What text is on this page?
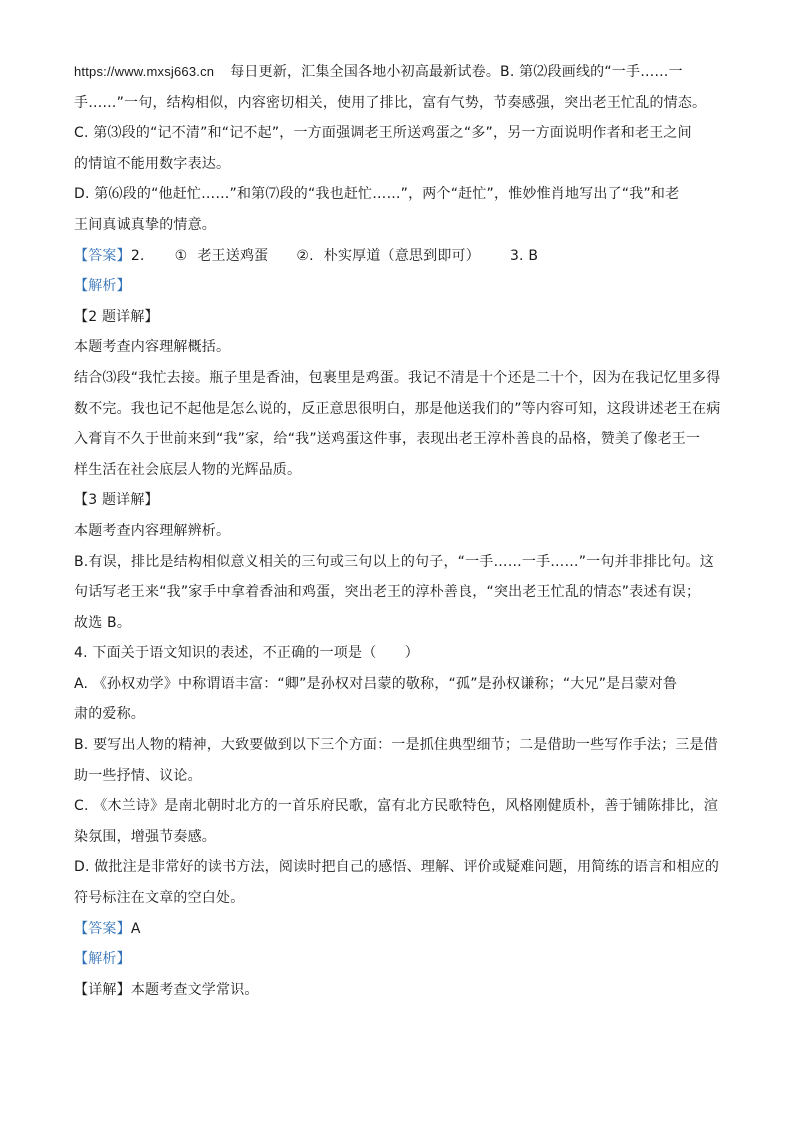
https://www.mxsj663.cn 每日更新，汇集全国各地小初高最新试卷。B. 第⑵段画线的“一手……一
手……”一句，结构相似，内容密切相关，使用了排比，富有气势，节奏感强，突出老王忙乱的情态。
C. 第⑶段的“记不清”和“记不起”，一方面强调老王所送鸡蛋之“多”，另一方面说明作者和老王之间
的情谊不能用数字表达。
D. 第⑹段的“他赶忙……”和第⑺段的“我也赶忙……”，两个“赶忙”，惟妙惟肖地写出了“我”和老
王间真诚真挚的情意。
【答案】2. ① 老王送鸡蛋 ②. 朴实厚道（意思到即可） 3. B
【解析】
【2 题详解】
本题考查内容理解概括。
结合⑶段“我忙去接。瓶子里是香油，包裹里是鸡蛋。我记不清是十个还是二十个，因为在我记忆里多得
数不完。我也记不起他是怎么说的，反正意思很明白，那是他送我们的”等内容可知，这段讲述老王在病
入膏肓不久于世前来到“我”家，给“我”送鸡蛋这件事，表现出老王淳朴善良的品格，赞美了像老王一
样生活在社会底层人物的光辉品质。
【3 题详解】
本题考查内容理解辨析。
B.有误，排比是结构相似意义相关的三句或三句以上的句子，“一手……一手……”一句并非排比句。这
句话写老王来“我”家手中拿着香油和鸡蛋，突出老王的淳朴善良，“突出老王忙乱的情态”表述有误；
故选 B。
4. 下面关于语文知识的表述，不正确的一项是（　　）
A. 《孙权劝学》中称谓语丰富：“卿”是孙权对吕蒙的敬称，“孤”是孙权谦称；“大兄”是吕蒙对鲁
肃的爱称。
B. 要写出人物的精神，大致要做到以下三个方面：一是抓住典型细节；二是借助一些写作手法；三是借
助一些抒情、议论。
C. 《木兰诗》是南北朝时北方的一首乐府民歌，富有北方民歌特色，风格刚健质朴，善于铺陈排比，渲
染氛围，增强节奏感。
D. 做批注是非常好的读书方法，阅读时把自己的感悟、理解、评价或疑难问题，用简练的语言和相应的
符号标注在文章的空白处。
【答案】A
【解析】
【详解】本题考查文学常识。
